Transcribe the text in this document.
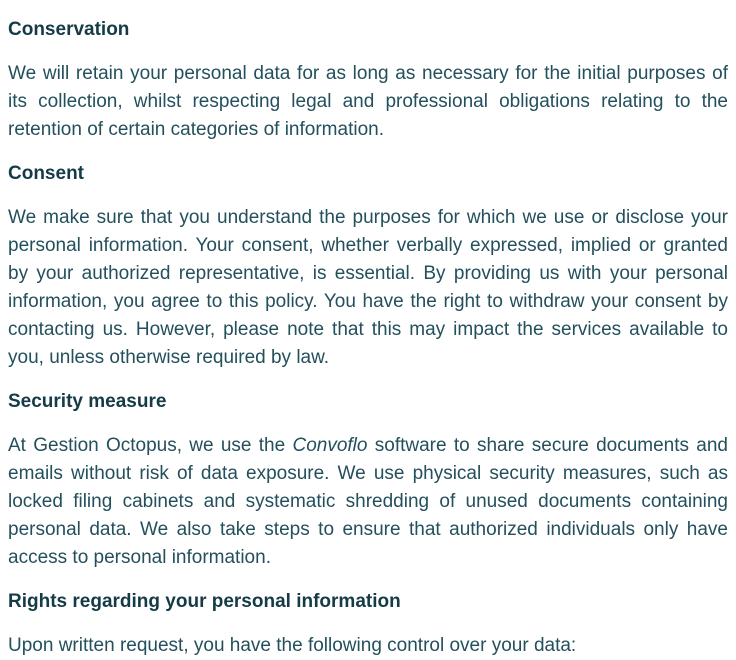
Conservation

We will retain your personal data for as long as necessary for the initial purposes of its collection, whilst respecting legal and professional obligations relating to the retention of certain categories of information.

Consent

We make sure that you understand the purposes for which we use or disclose your personal information. Your consent, whether verbally expressed, implied or granted by your authorized representative, is essential. By providing us with your personal information, you agree to this policy. You have the right to withdraw your consent by contacting us. However, please note that this may impact the services available to you, unless otherwise required by law.

Security measure

At Gestion Octopus, we use the Convoflo software to share secure documents and emails without risk of data exposure. We use physical security measures, such as locked filing cabinets and systematic shredding of unused documents containing personal data. We also take steps to ensure that authorized individuals only have access to personal information.

Rights regarding your personal information

Upon written request, you have the following control over your data:
